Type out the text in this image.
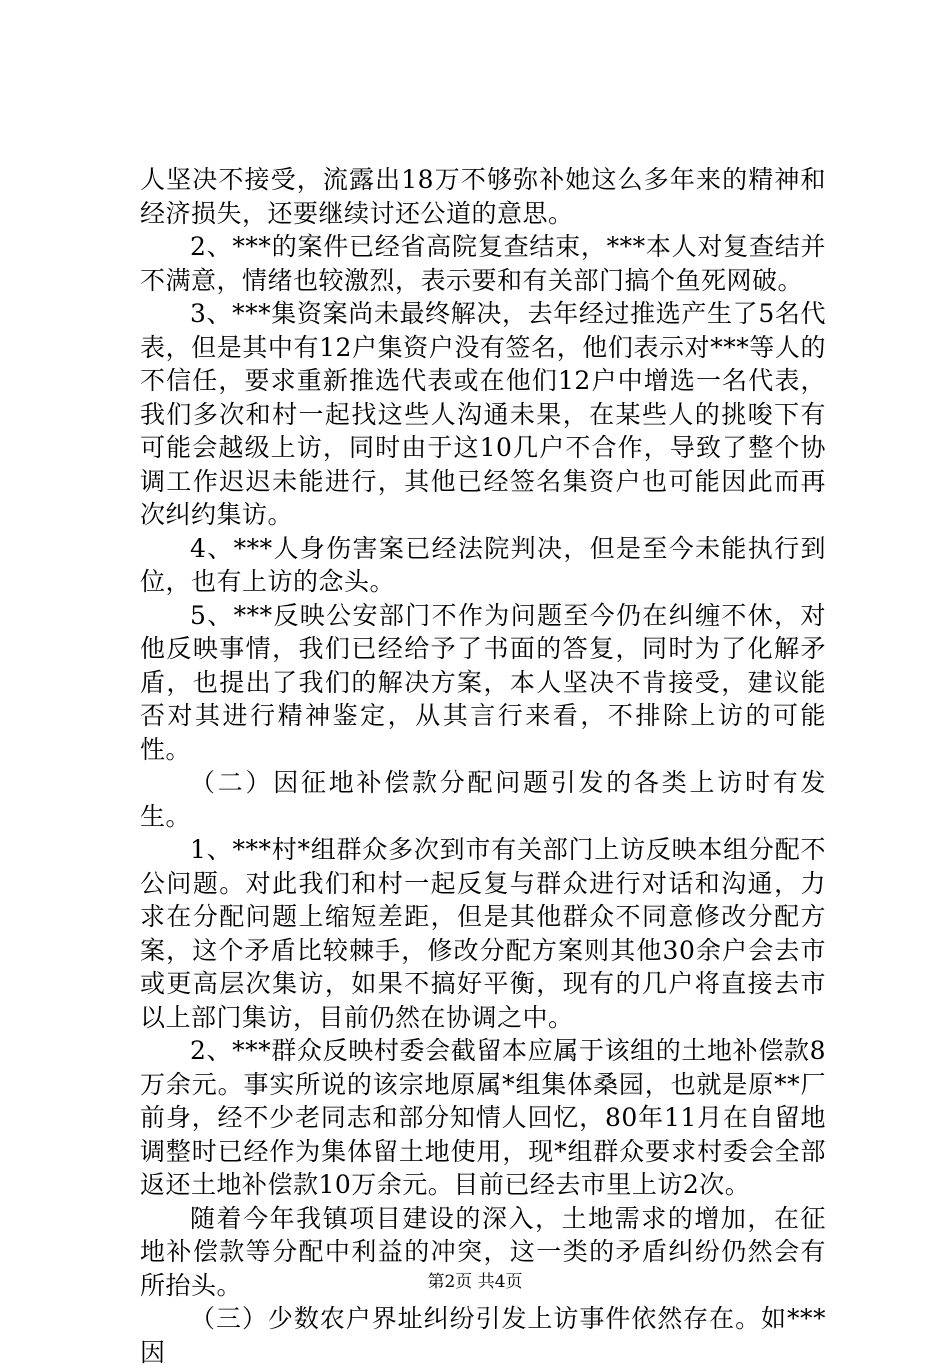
人坚决不接受，流露出18万不够弥补她这么多年来的精神和经济损失，还要继续讨还公道的意思。

2、***的案件已经省高院复查结束，***本人对复查结并不满意，情绪也较激烈，表示要和有关部门搞个鱼死网破。

3、***集资案尚未最终解决，去年经过推选产生了5名代表，但是其中有12户集资户没有签名，他们表示对***等人的不信任，要求重新推选代表或在他们12户中增选一名代表，我们多次和村一起找这些人沟通未果，在某些人的挑唆下有可能会越级上访，同时由于这10几户不合作，导致了整个协调工作迟迟未能进行，其他已经签名集资户也可能因此而再次纠约集访。

4、***人身伤害案已经法院判决，但是至今未能执行到位，也有上访的念头。

5、***反映公安部门不作为问题至今仍在纠缠不休，对他反映事情，我们已经给予了书面的答复，同时为了化解矛盾，也提出了我们的解决方案，本人坚决不肯接受，建议能否对其进行精神鉴定，从其言行来看，不排除上访的可能性。

（二）因征地补偿款分配问题引发的各类上访时有发生。

1、***村*组群众多次到市有关部门上访反映本组分配不公问题。对此我们和村一起反复与群众进行对话和沟通，力求在分配问题上缩短差距，但是其他群众不同意修改分配方案，这个矛盾比较棘手，修改分配方案则其他30余户会去市或更高层次集访，如果不搞好平衡，现有的几户将直接去市以上部门集访，目前仍然在协调之中。

2、***群众反映村委会截留本应属于该组的土地补偿款8万余元。事实所说的该宗地原属*组集体桑园，也就是原**厂前身，经不少老同志和部分知情人回忆，80年11月在自留地调整时已经作为集体留土地使用，现*组群众要求村委会全部返还土地补偿款10万余元。目前已经去市里上访2次。

随着今年我镇项目建设的深入，土地需求的增加，在征地补偿款等分配中利益的冲突，这一类的矛盾纠纷仍然会有所抬头。

（三）少数农户界址纠纷引发上访事件依然存在。如***因

第2页 共4页
